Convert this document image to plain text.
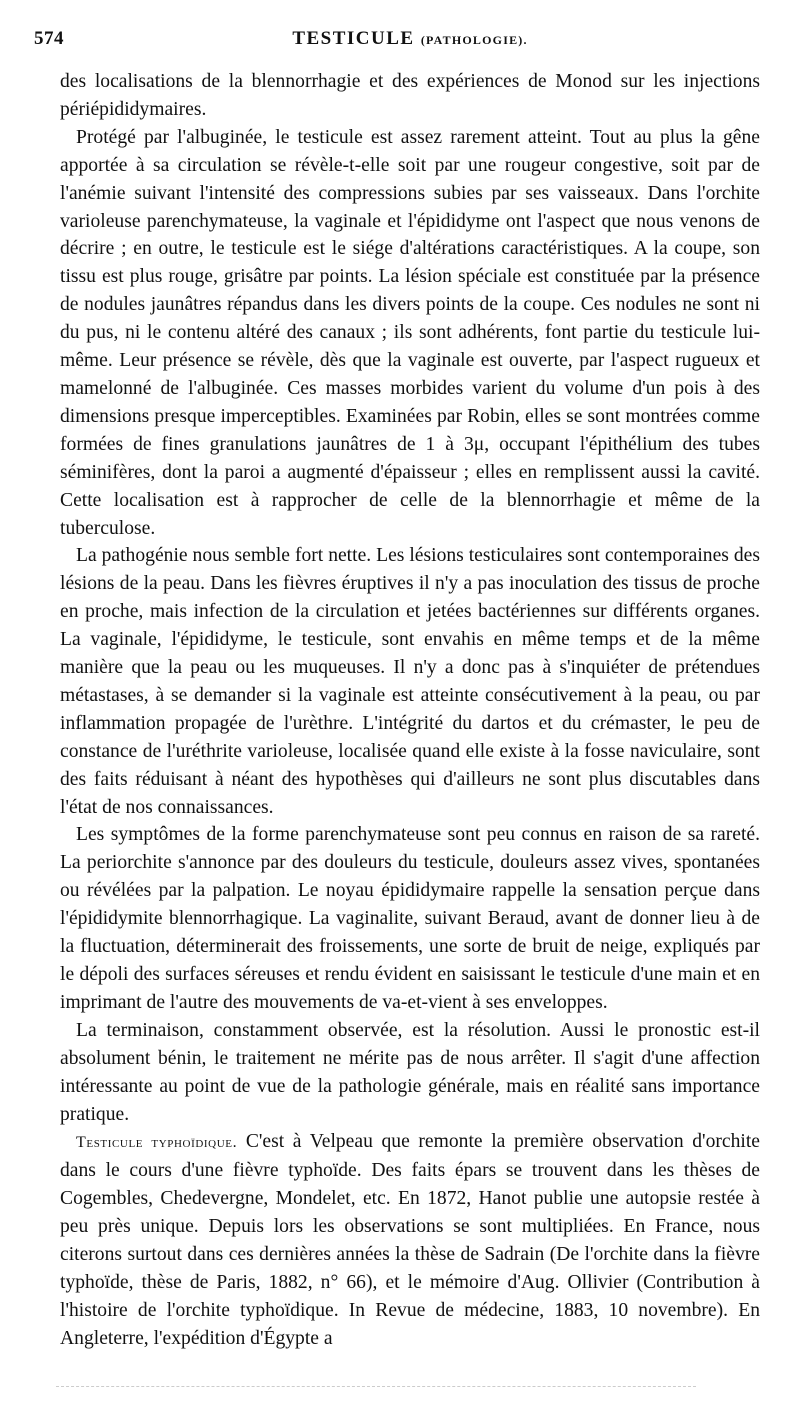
574	TESTICULE (PATHOLOGIE).

des localisations de la blennorrhagie et des expériences de Monod sur les injections périépididymaires.

Protégé par l'albuginée, le testicule est assez rarement atteint. Tout au plus la gêne apportée à sa circulation se révèle-t-elle soit par une rougeur congestive, soit par de l'anémie suivant l'intensité des compressions subies par ses vaisseaux. Dans l'orchite varioleuse parenchymateuse, la vaginale et l'épididyme ont l'aspect que nous venons de décrire ; en outre, le testicule est le siége d'altérations caractéristiques. A la coupe, son tissu est plus rouge, grisâtre par points. La lésion spéciale est constituée par la présence de nodules jaunâtres répandus dans les divers points de la coupe. Ces nodules ne sont ni du pus, ni le contenu altéré des canaux ; ils sont adhérents, font partie du testicule lui-même. Leur présence se révèle, dès que la vaginale est ouverte, par l'aspect rugueux et mamelonné de l'albuginée. Ces masses morbides varient du volume d'un pois à des dimensions presque imperceptibles. Examinées par Robin, elles se sont montrées comme formées de fines granulations jaunâtres de 1 à 3μ, occupant l'épithélium des tubes séminifères, dont la paroi a augmenté d'épaisseur ; elles en remplissent aussi la cavité. Cette localisation est à rapprocher de celle de la blennorrhagie et même de la tuberculose.

La pathogénie nous semble fort nette. Les lésions testiculaires sont contemporaines des lésions de la peau. Dans les fièvres éruptives il n'y a pas inoculation des tissus de proche en proche, mais infection de la circulation et jetées bactériennes sur différents organes. La vaginale, l'épididyme, le testicule, sont envahis en même temps et de la même manière que la peau ou les muqueuses. Il n'y a donc pas à s'inquiéter de prétendues métastases, à se demander si la vaginale est atteinte consécutivement à la peau, ou par inflammation propagée de l'urèthre. L'intégrité du dartos et du crémaster, le peu de constance de l'uréthrite varioleuse, localisée quand elle existe à la fosse naviculaire, sont des faits réduisant à néant des hypothèses qui d'ailleurs ne sont plus discutables dans l'état de nos connaissances.

Les symptômes de la forme parenchymateuse sont peu connus en raison de sa rareté. La periorchite s'annonce par des douleurs du testicule, douleurs assez vives, spontanées ou révélées par la palpation. Le noyau épididymaire rappelle la sensation perçue dans l'épididymite blennorrhagique. La vaginalite, suivant Beraud, avant de donner lieu à de la fluctuation, déterminerait des froissements, une sorte de bruit de neige, expliqués par le dépoli des surfaces séreuses et rendu évident en saisissant le testicule d'une main et en imprimant de l'autre des mouvements de va-et-vient à ses enveloppes.

La terminaison, constamment observée, est la résolution. Aussi le pronostic est-il absolument bénin, le traitement ne mérite pas de nous arrêter. Il s'agit d'une affection intéressante au point de vue de la pathologie générale, mais en réalité sans importance pratique.

Testicule typhoïdique. C'est à Velpeau que remonte la première observation d'orchite dans le cours d'une fièvre typhoïde. Des faits épars se trouvent dans les thèses de Cogembles, Chedevergne, Mondelet, etc. En 1872, Hanot publie une autopsie restée à peu près unique. Depuis lors les observations se sont multipliées. En France, nous citerons surtout dans ces dernières années la thèse de Sadrain (De l'orchite dans la fièvre typhoïde, thèse de Paris, 1882, n° 66), et le mémoire d'Aug. Ollivier (Contribution à l'histoire de l'orchite typhoïdique. In Revue de médecine, 1883, 10 novembre). En Angleterre, l'expédition d'Égypte a
